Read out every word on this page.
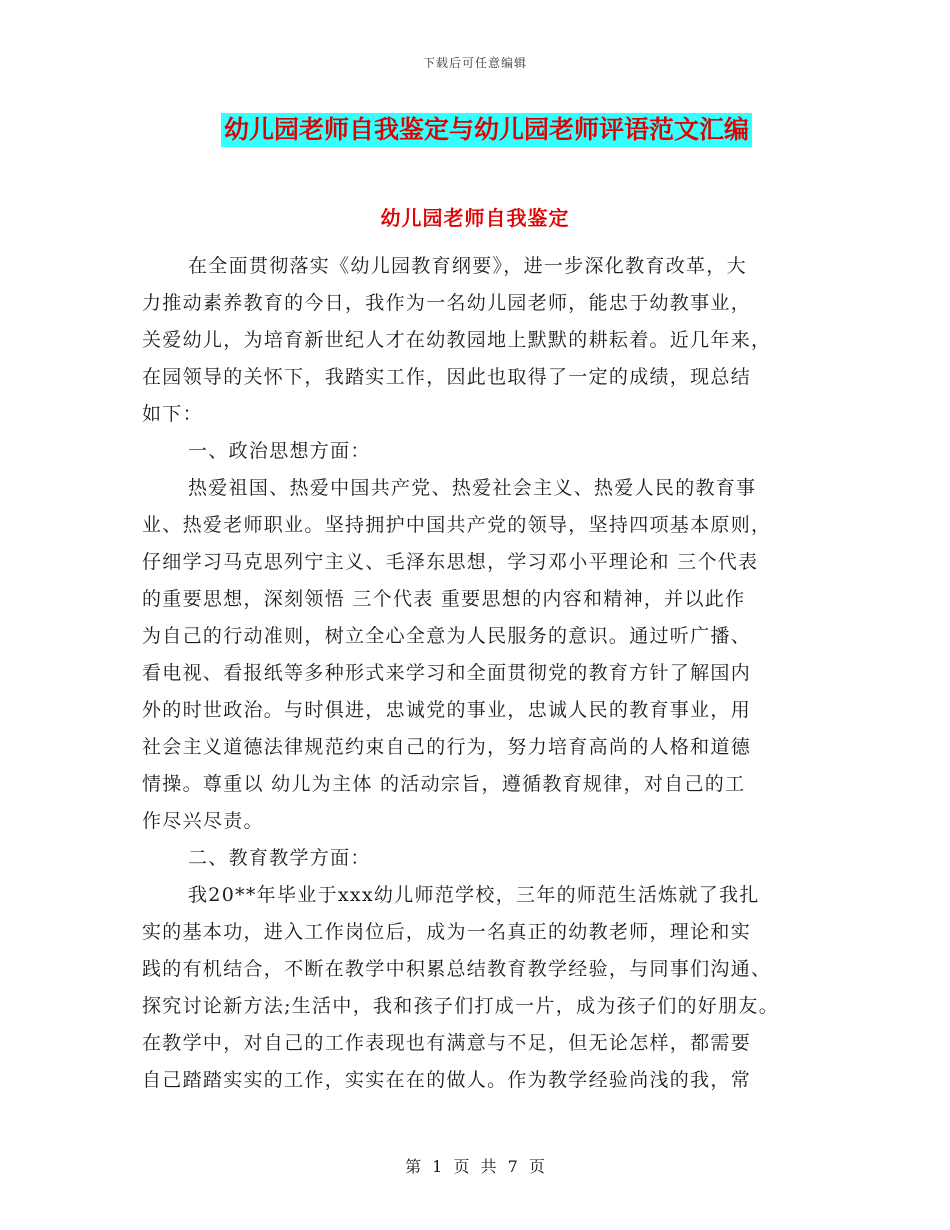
下载后可任意编辑
幼儿园老师自我鉴定与幼儿园老师评语范文汇编
幼儿园老师自我鉴定
在全面贯彻落实《幼儿园教育纲要》，进一步深化教育改革，大
力推动素养教育的今日，我作为一名幼儿园老师，能忠于幼教事业，
关爱幼儿，为培育新世纪人才在幼教园地上默默的耕耘着。近几年来，
在园领导的关怀下，我踏实工作，因此也取得了一定的成绩，现总结
如下：
一、政治思想方面：
热爱祖国、热爱中国共产党、热爱社会主义、热爱人民的教育事
业、热爱老师职业。坚持拥护中国共产党的领导，坚持四项基本原则，
仔细学习马克思列宁主义、毛泽东思想，学习邓小平理论和 三个代表
的重要思想，深刻领悟 三个代表 重要思想的内容和精神，并以此作
为自己的行动准则，树立全心全意为人民服务的意识。通过听广播、
看电视、看报纸等多种形式来学习和全面贯彻党的教育方针了解国内
外的时世政治。与时俱进，忠诚党的事业，忠诚人民的教育事业，用
社会主义道德法律规范约束自己的行为，努力培育高尚的人格和道德
情操。尊重以 幼儿为主体 的活动宗旨，遵循教育规律，对自己的工
作尽兴尽责。
二、教育教学方面：
我20**年毕业于xxx幼儿师范学校，三年的师范生活炼就了我扎
实的基本功，进入工作岗位后，成为一名真正的幼教老师，理论和实
践的有机结合，不断在教学中积累总结教育教学经验，与同事们沟通、
探究讨论新方法;生活中，我和孩子们打成一片，成为孩子们的好朋友。
在教学中，对自己的工作表现也有满意与不足，但无论怎样，都需要
自己踏踏实实的工作，实实在在的做人。作为教学经验尚浅的我，常
第 1 页 共 7 页
